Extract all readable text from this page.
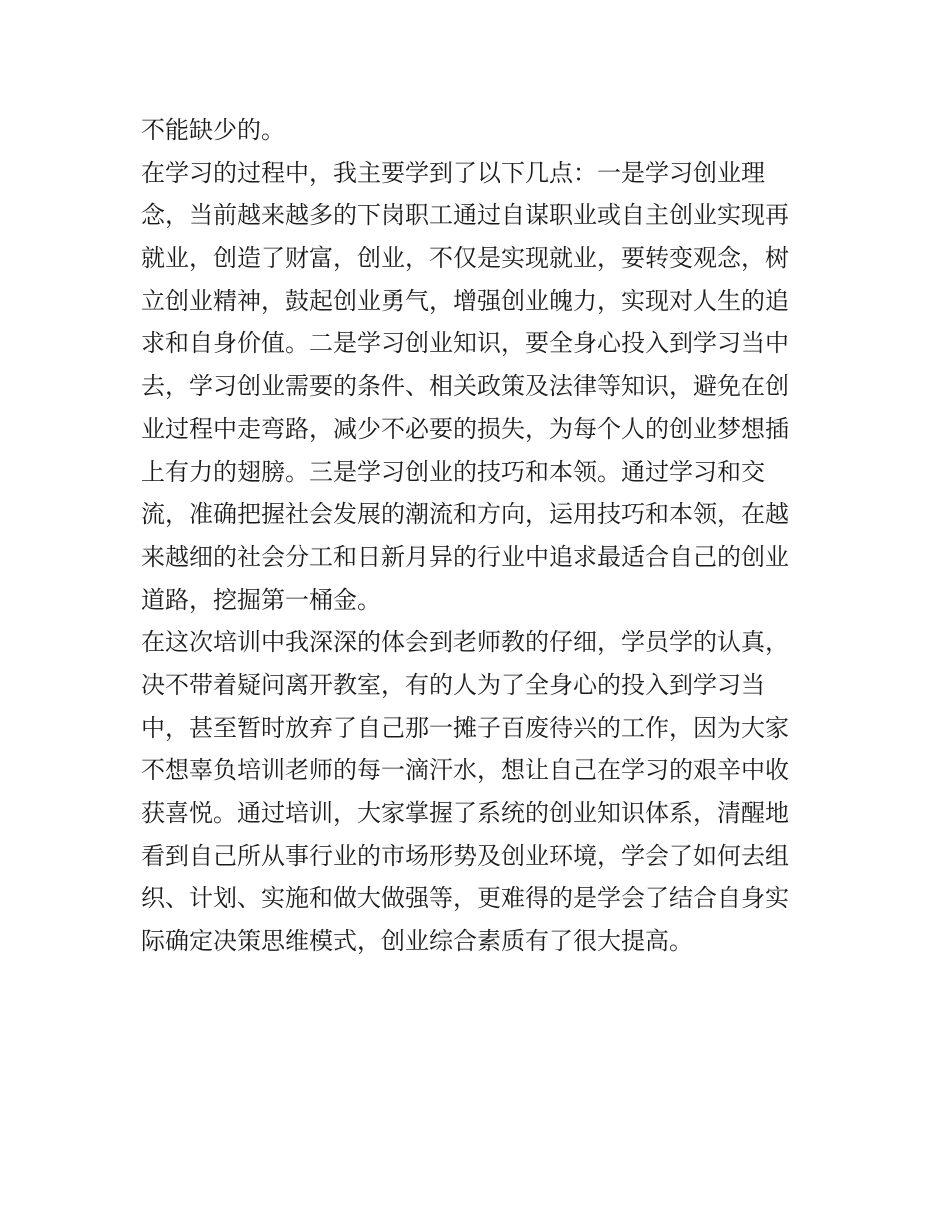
不能缺少的。
在学习的过程中，我主要学到了以下几点：一是学习创业理
念，当前越来越多的下岗职工通过自谋职业或自主创业实现再
就业，创造了财富，创业，不仅是实现就业，要转变观念，树
立创业精神，鼓起创业勇气，增强创业魄力，实现对人生的追
求和自身价值。二是学习创业知识，要全身心投入到学习当中
去，学习创业需要的条件、相关政策及法律等知识，避免在创
业过程中走弯路，减少不必要的损失，为每个人的创业梦想插
上有力的翅膀。三是学习创业的技巧和本领。通过学习和交
流，准确把握社会发展的潮流和方向，运用技巧和本领，在越
来越细的社会分工和日新月异的行业中追求最适合自己的创业
道路，挖掘第一桶金。
在这次培训中我深深的体会到老师教的仔细，学员学的认真，
决不带着疑问离开教室，有的人为了全身心的投入到学习当
中，甚至暂时放弃了自己那一摊子百废待兴的工作，因为大家
不想辜负培训老师的每一滴汗水，想让自己在学习的艰辛中收
获喜悦。通过培训，大家掌握了系统的创业知识体系，清醒地
看到自己所从事行业的市场形势及创业环境，学会了如何去组
织、计划、实施和做大做强等，更难得的是学会了结合自身实
际确定决策思维模式，创业综合素质有了很大提高。
